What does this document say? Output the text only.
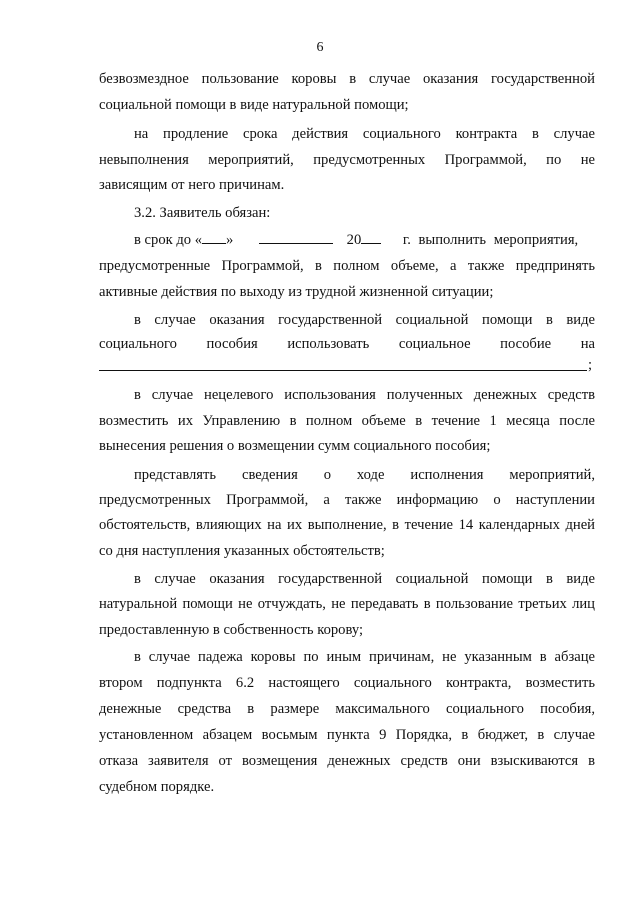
6
безвозмездное пользование коровы в случае оказания государственной
социальной помощи в виде натуральной помощи;
на продление срока действия социального контракта в случае
невыполнения мероприятий, предусмотренных Программой, по не
зависящим от него причинам.
3.2. Заявитель обязан:
в срок до « »	20	г. выполнить мероприятия,
предусмотренные Программой, в полном объеме, а также предпринять
активные действия по выходу из трудной жизненной ситуации;
в случае оказания государственной социальной помощи в виде
социального пособия использовать социальное пособие на
;
в случае нецелевого использования полученных денежных средств
возместить их Управлению в полном объеме в течение 1 месяца после
вынесения решения о возмещении сумм социального пособия;
представлять сведения о ходе исполнения мероприятий,
предусмотренных Программой, а также информацию о наступлении
обстоятельств, влияющих на их выполнение, в течение 14 календарных дней
со дня наступления указанных обстоятельств;
в случае оказания государственной социальной помощи в виде
натуральной помощи не отчуждать, не передавать в пользование третьих лиц
предоставленную в собственность корову;
в случае падежа коровы по иным причинам, не указанным в абзаце
втором подпункта 6.2 настоящего социального контракта, возместить
денежные средства в размере максимального социального пособия,
установленном абзацем восьмым пункта 9 Порядка, в бюджет, в случае
отказа заявителя от возмещения денежных средств они взыскиваются в
судебном порядке.
